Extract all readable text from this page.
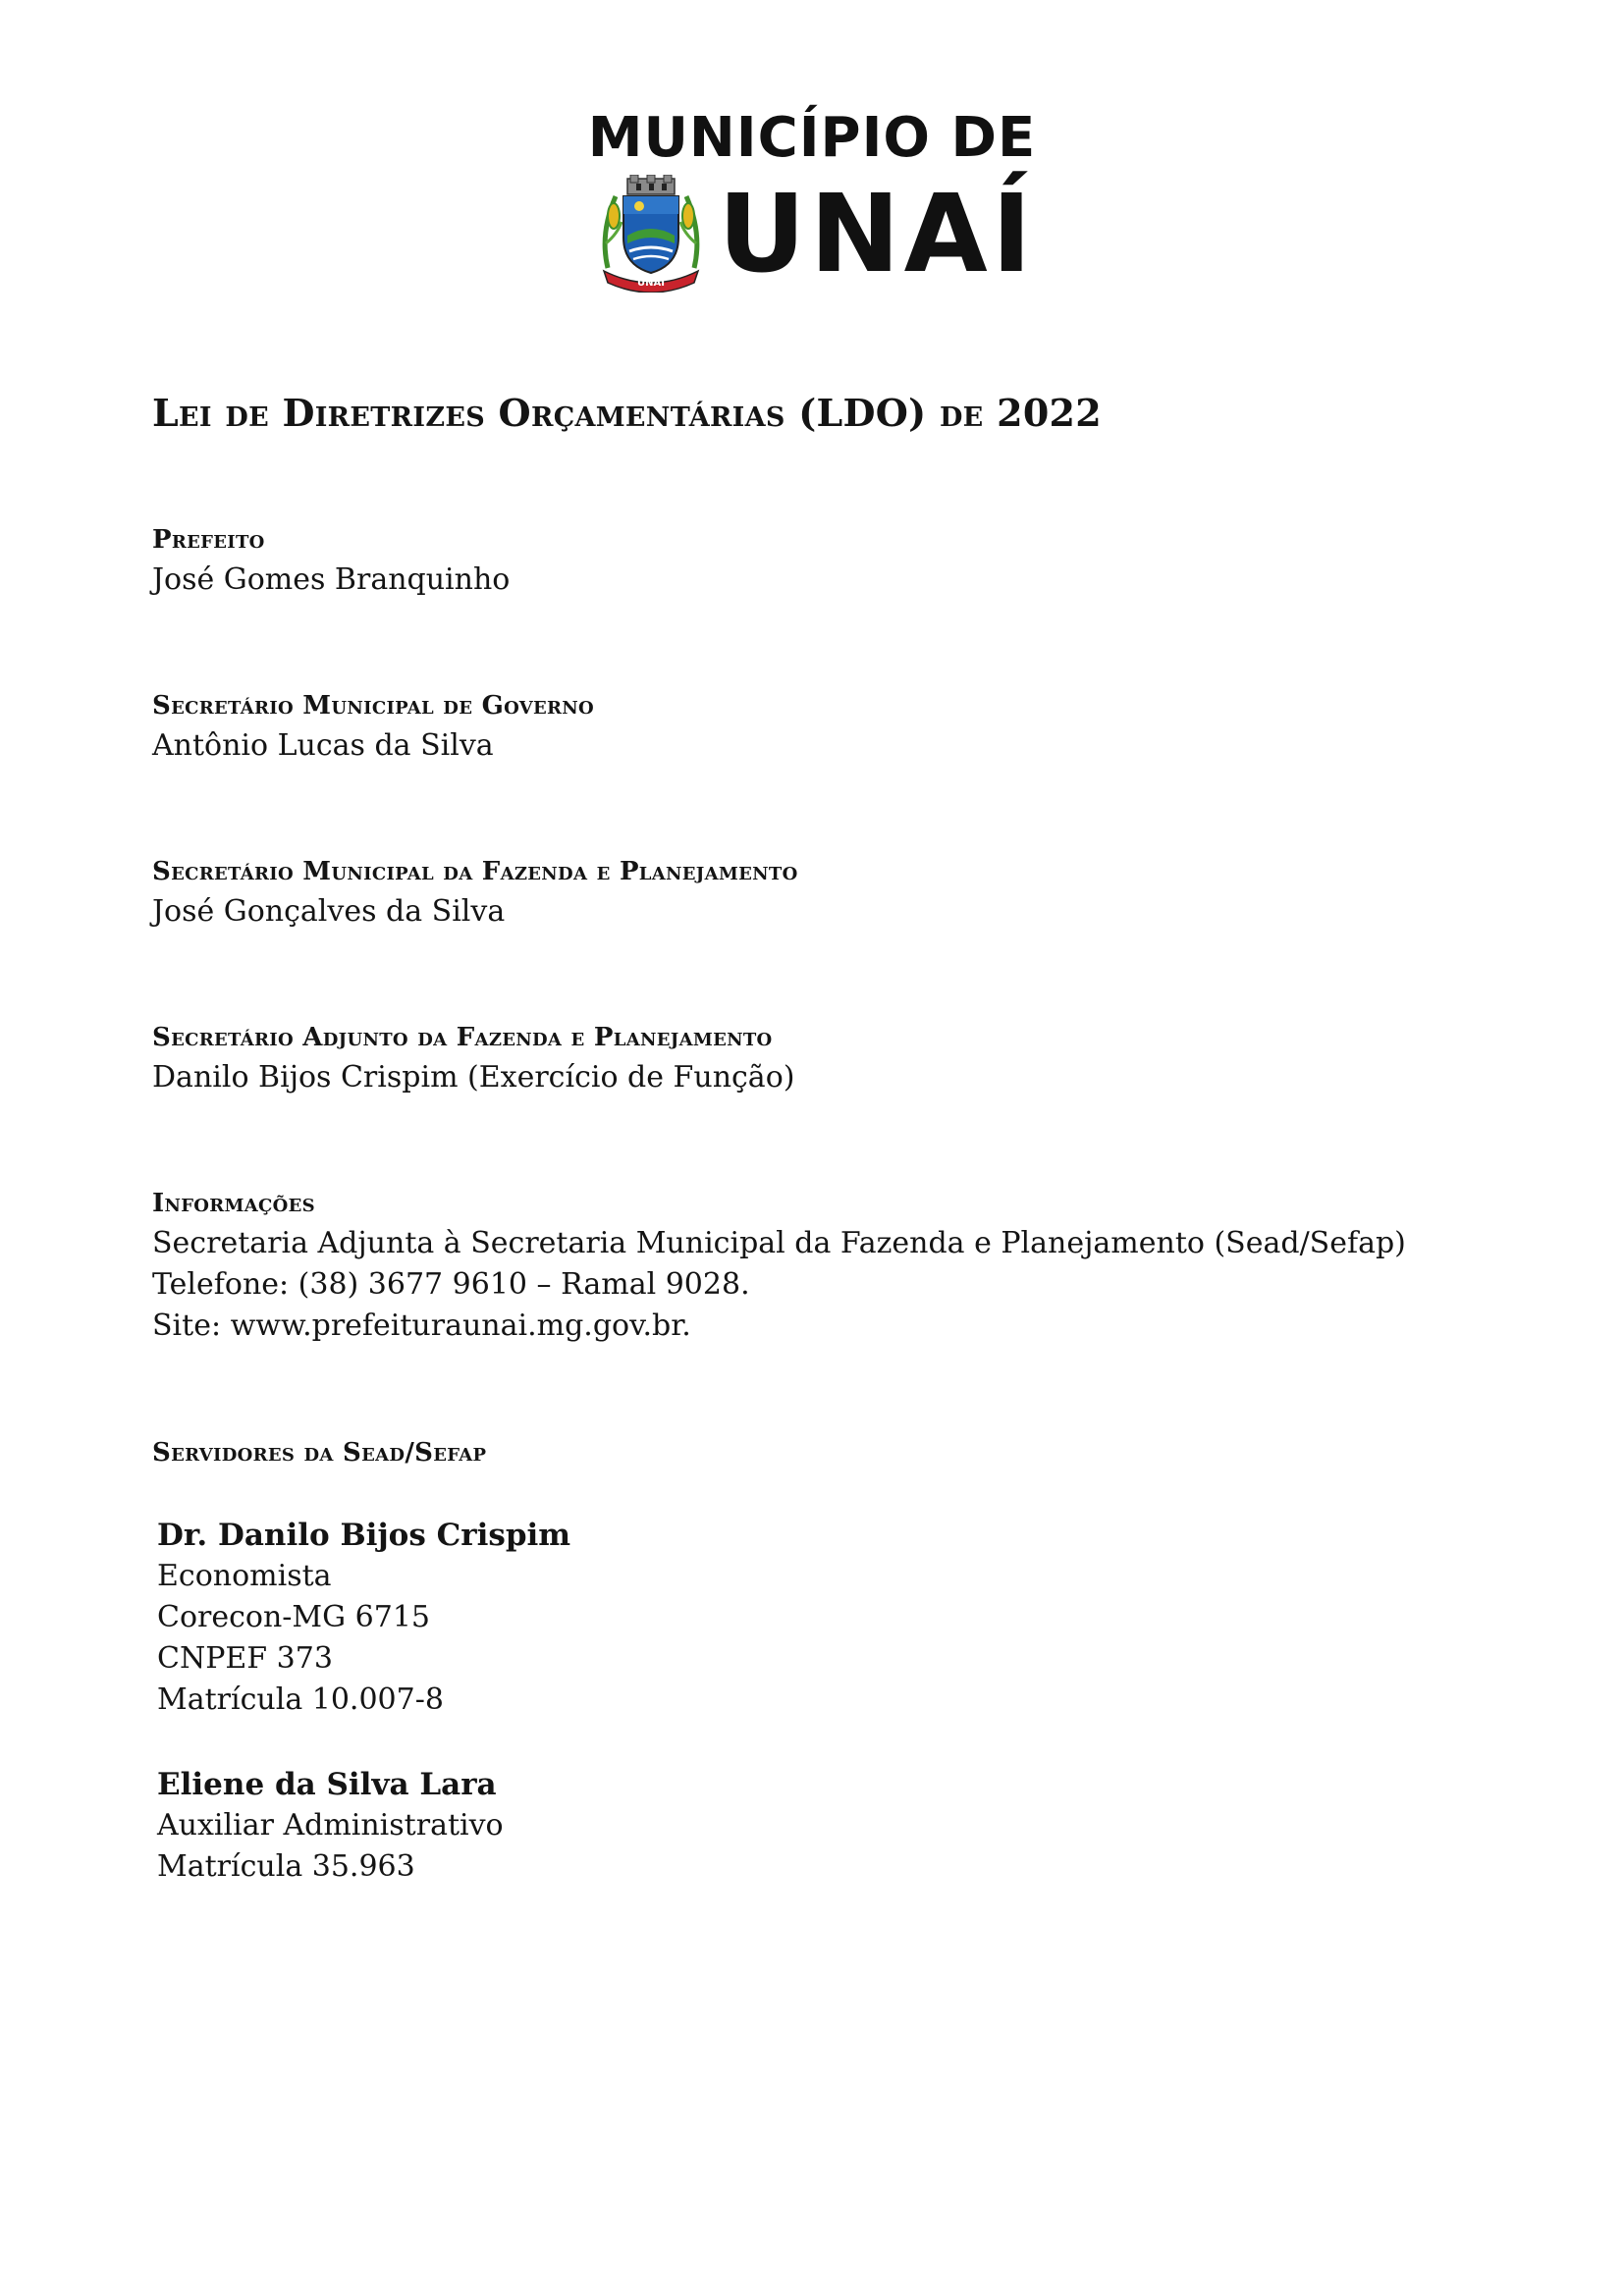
MUNICÍPIO DE
UNAÍ UNAÍ
Lei de Diretrizes Orçamentárias (LDO) de 2022
Prefeito
José Gomes Branquinho
Secretário Municipal de Governo
Antônio Lucas da Silva
Secretário Municipal da Fazenda e Planejamento
José Gonçalves da Silva
Secretário Adjunto da Fazenda e Planejamento
Danilo Bijos Crispim (Exercício de Função)
Informações
Secretaria Adjunta à Secretaria Municipal da Fazenda e Planejamento (Sead/Sefap)
Telefone: (38) 3677 9610 – Ramal 9028.
Site: www.prefeituraunai.mg.gov.br.
Servidores da Sead/Sefap
Dr. Danilo Bijos Crispim
Economista
Corecon-MG 6715
CNPEF 373
Matrícula 10.007-8
Eliene da Silva Lara
Auxiliar Administrativo
Matrícula 35.963
